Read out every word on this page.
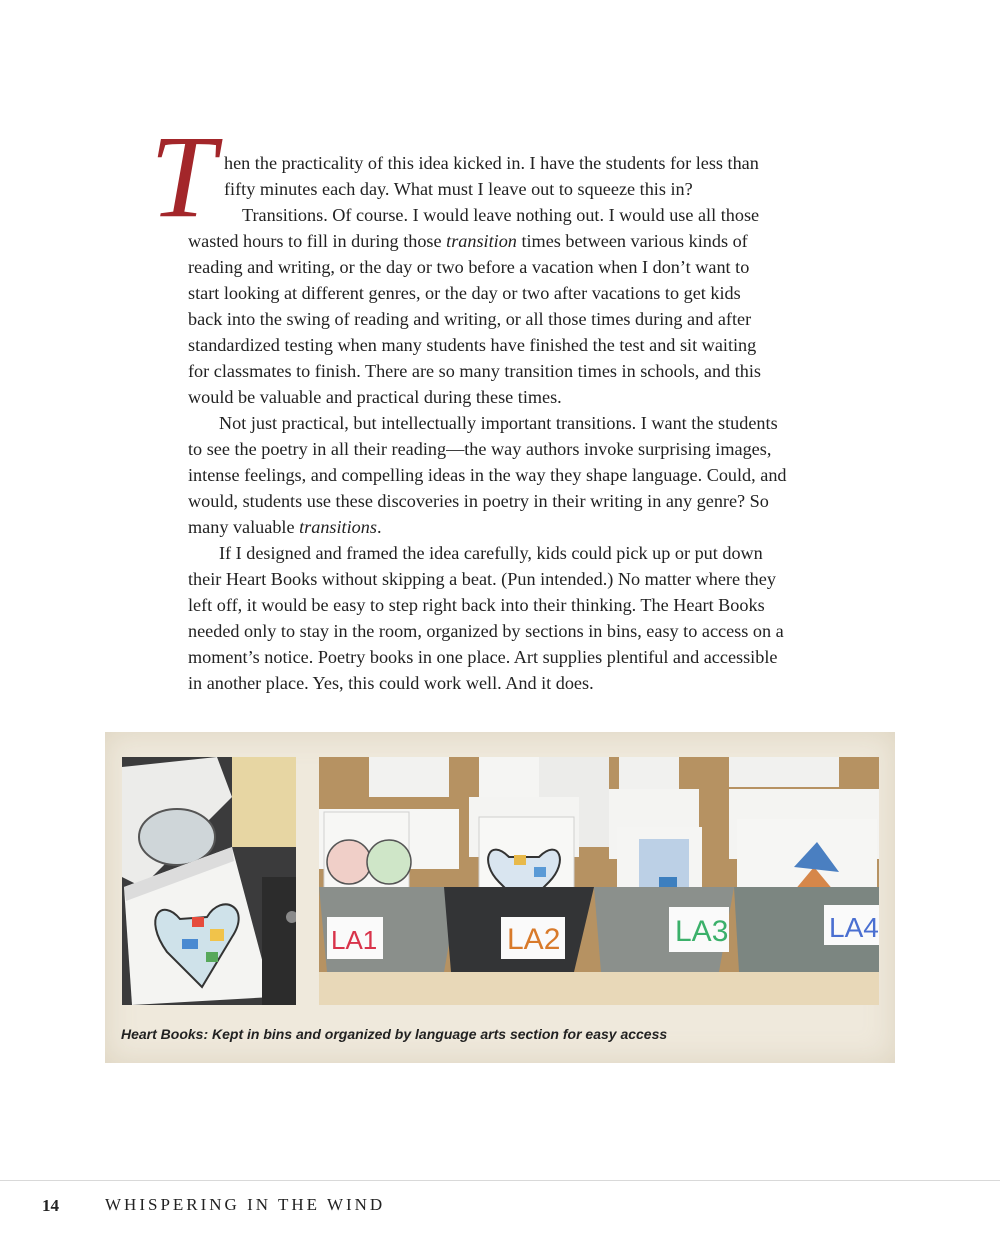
T hen the practicality of this idea kicked in. I have the students for less than
fifty minutes each day. What must I leave out to squeeze this in?
Transitions. Of course. I would leave nothing out. I would use all those
wasted hours to fill in during those transition times between various kinds of
reading and writing, or the day or two before a vacation when I don’t want to
start looking at different genres, or the day or two after vacations to get kids
back into the swing of reading and writing, or all those times during and after
standardized testing when many students have finished the test and sit waiting
for classmates to finish. There are so many transition times in schools, and this
would be valuable and practical during these times.
Not just practical, but intellectually important transitions. I want the students
to see the poetry in all their reading—the way authors invoke surprising images,
intense feelings, and compelling ideas in the way they shape language. Could, and
would, students use these discoveries in poetry in their writing in any genre? So
many valuable transitions.
If I designed and framed the idea carefully, kids could pick up or put down
their Heart Books without skipping a beat. (Pun intended.) No matter where they
left off, it would be easy to step right back into their thinking. The Heart Books
needed only to stay in the room, organized by sections in bins, easy to access on a
moment’s notice. Poetry books in one place. Art supplies plentiful and accessible
in another place. Yes, this could work well. And it does.
LA1	LA2	LA3	LA4
Heart Books: Kept in bins and organized by language arts section for easy access
14	WHISPERING IN THE WIND
